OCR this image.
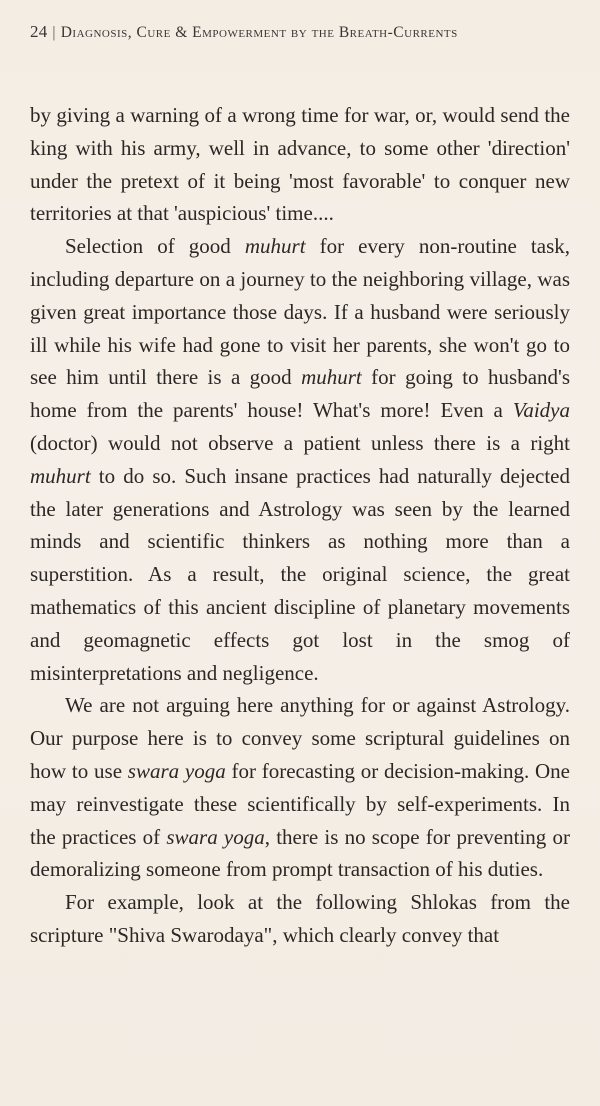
24 | Diagnosis, Cure & Empowerment by the Breath-Currents

by giving a warning of a wrong time for war, or, would send the king with his army, well in advance, to some other 'direction' under the pretext of it being 'most favorable' to conquer new territories at that 'auspicious' time....

Selection of good muhurt for every non-routine task, including departure on a journey to the neighboring village, was given great importance those days. If a husband were seriously ill while his wife had gone to visit her parents, she won't go to see him until there is a good muhurt for going to husband's home from the parents' house! What's more! Even a Vaidya (doctor) would not observe a patient unless there is a right muhurt to do so. Such insane practices had naturally dejected the later generations and Astrology was seen by the learned minds and scientific thinkers as nothing more than a superstition. As a result, the original science, the great mathematics of this ancient discipline of planetary movements and geomagnetic effects got lost in the smog of misinterpretations and negligence.

We are not arguing here anything for or against Astrology. Our purpose here is to convey some scriptural guidelines on how to use swara yoga for forecasting or decision-making. One may reinvestigate these scientifically by self-experiments. In the practices of swara yoga, there is no scope for preventing or demoralizing someone from prompt transaction of his duties.

For example, look at the following Shlokas from the scripture "Shiva Swarodaya", which clearly convey that
